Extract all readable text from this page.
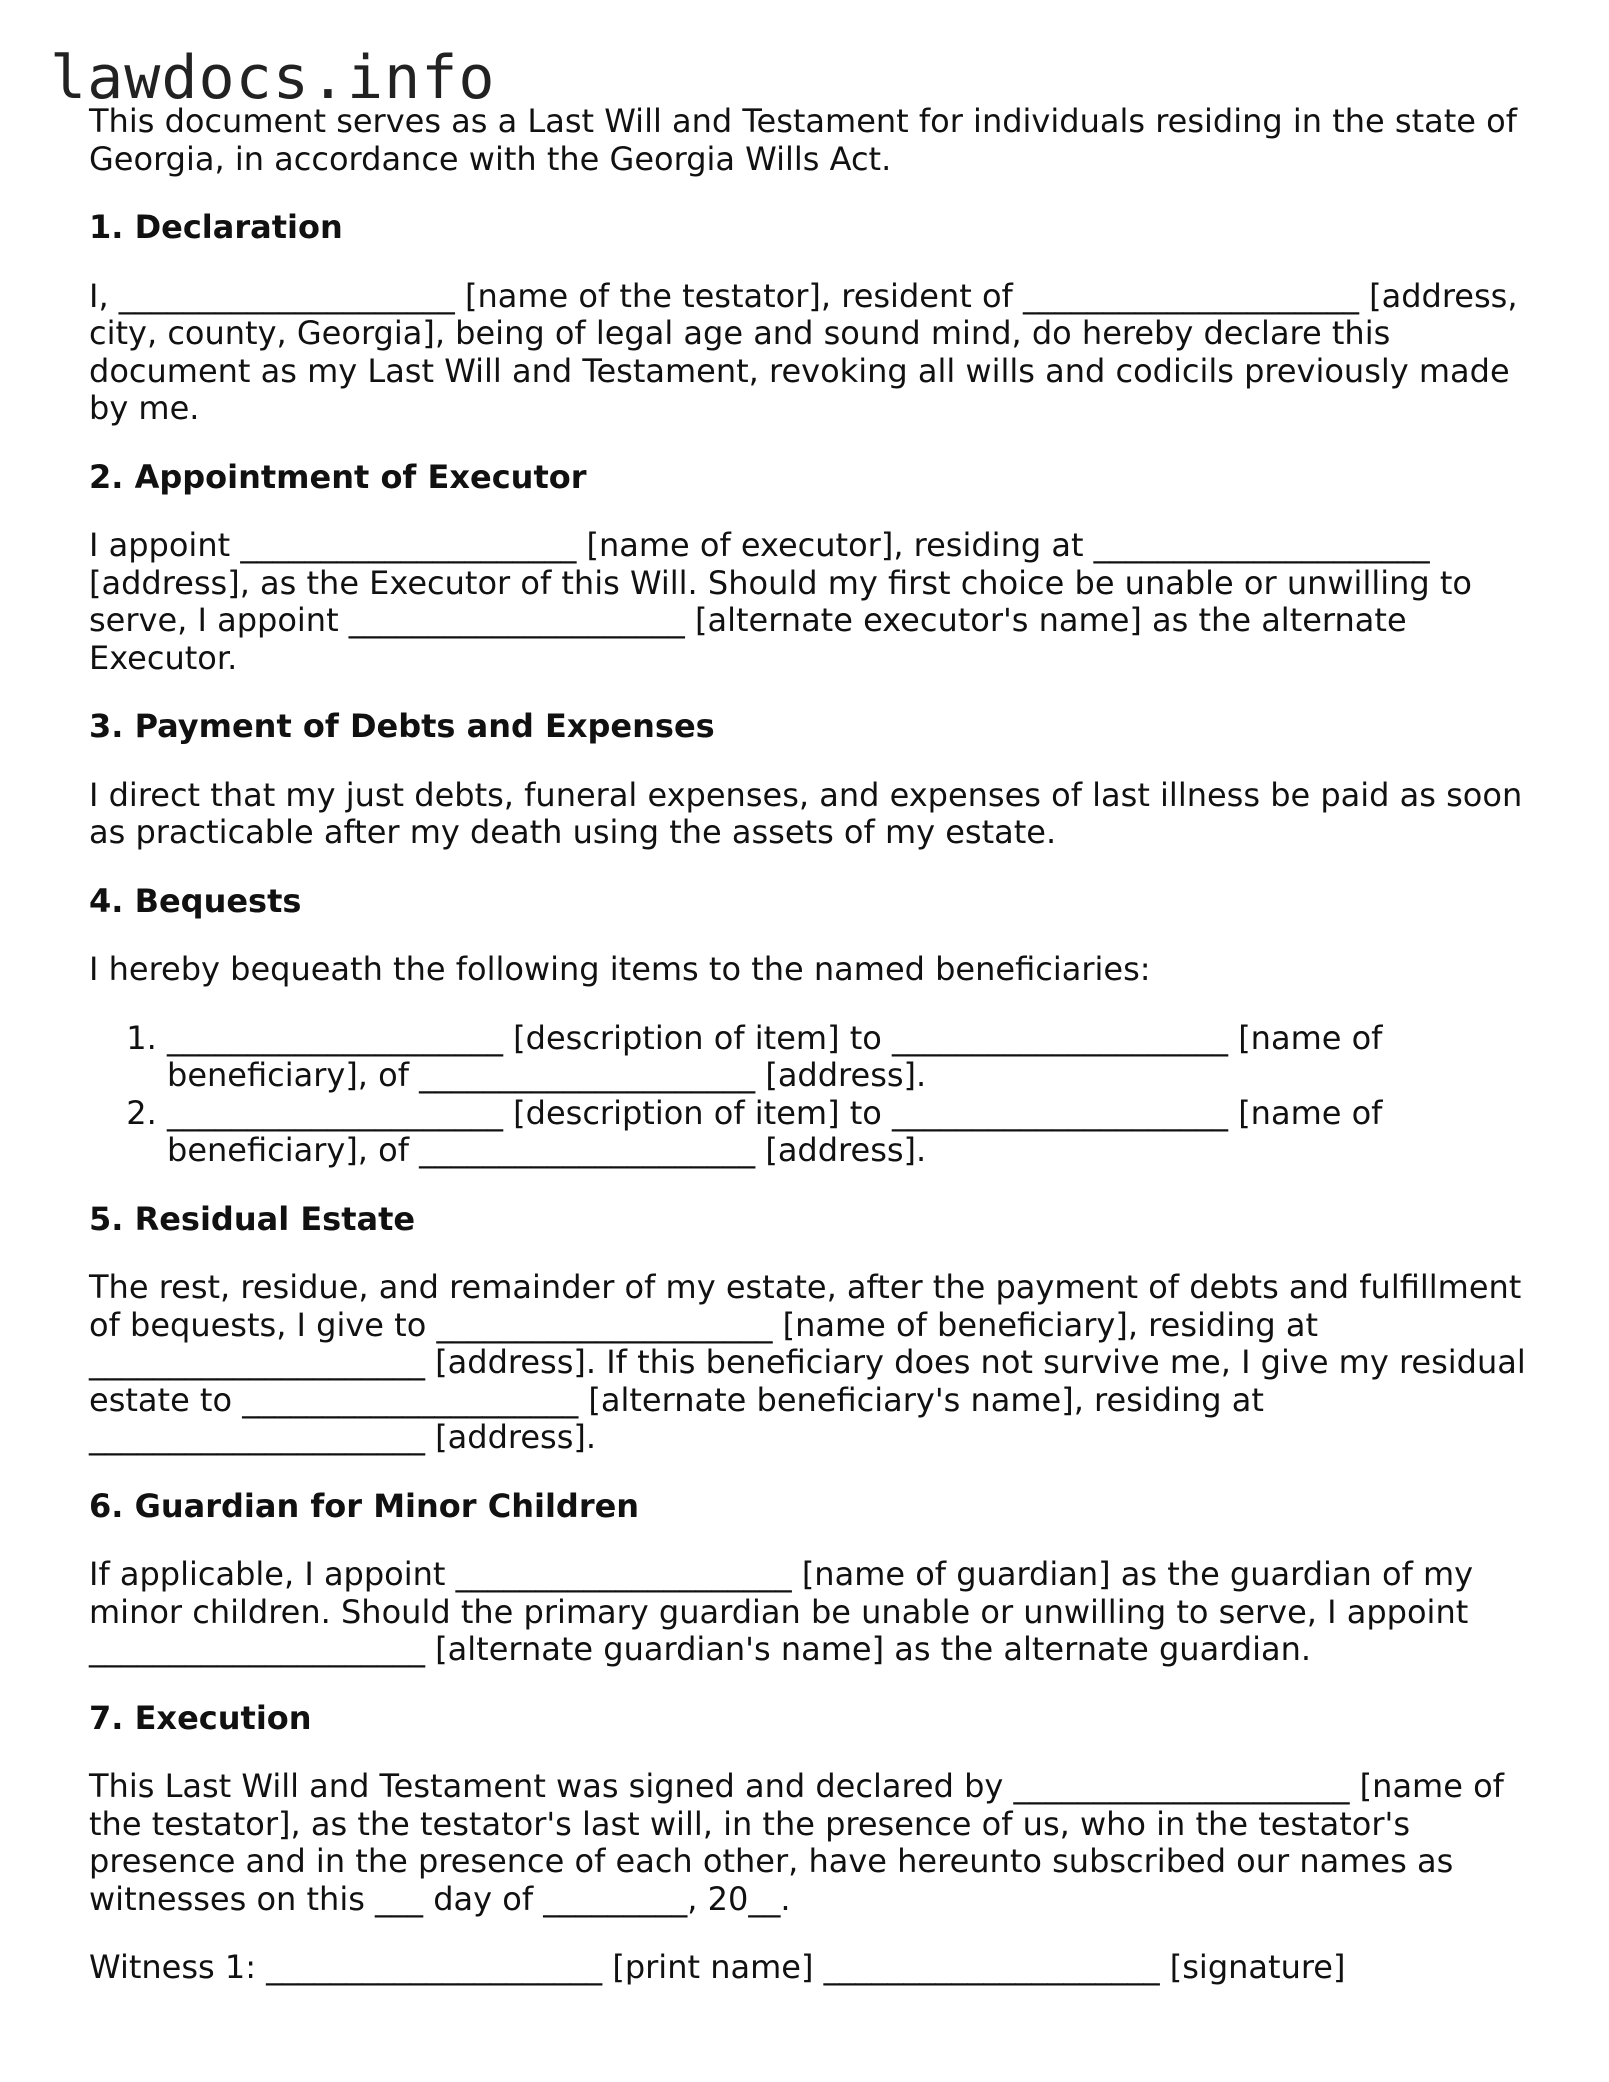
lawdocs.info

This document serves as a Last Will and Testament for individuals residing in the state of Georgia, in accordance with the Georgia Wills Act.

1. Declaration

I, _____________________ [name of the testator], resident of _____________________ [address, city, county, Georgia], being of legal age and sound mind, do hereby declare this document as my Last Will and Testament, revoking all wills and codicils previously made by me.

2. Appointment of Executor

I appoint _____________________ [name of executor], residing at _____________________ [address], as the Executor of this Will. Should my first choice be unable or unwilling to serve, I appoint _____________________ [alternate executor's name] as the alternate Executor.

3. Payment of Debts and Expenses

I direct that my just debts, funeral expenses, and expenses of last illness be paid as soon as practicable after my death using the assets of my estate.

4. Bequests

I hereby bequeath the following items to the named beneficiaries:

1. _____________________ [description of item] to _____________________ [name of beneficiary], of _____________________ [address].
2. _____________________ [description of item] to _____________________ [name of beneficiary], of _____________________ [address].
5. Residual Estate

The rest, residue, and remainder of my estate, after the payment of debts and fulfillment of bequests, I give to _____________________ [name of beneficiary], residing at _____________________ [address]. If this beneficiary does not survive me, I give my residual estate to _____________________ [alternate beneficiary's name], residing at _____________________ [address].

6. Guardian for Minor Children

If applicable, I appoint _____________________ [name of guardian] as the guardian of my minor children. Should the primary guardian be unable or unwilling to serve, I appoint _____________________ [alternate guardian's name] as the alternate guardian.

7. Execution

This Last Will and Testament was signed and declared by _____________________ [name of the testator], as the testator's last will, in the presence of us, who in the testator's presence and in the presence of each other, have hereunto subscribed our names as witnesses on this ___ day of _________, 20__.

Witness 1: _____________________ [print name] _____________________ [signature]
